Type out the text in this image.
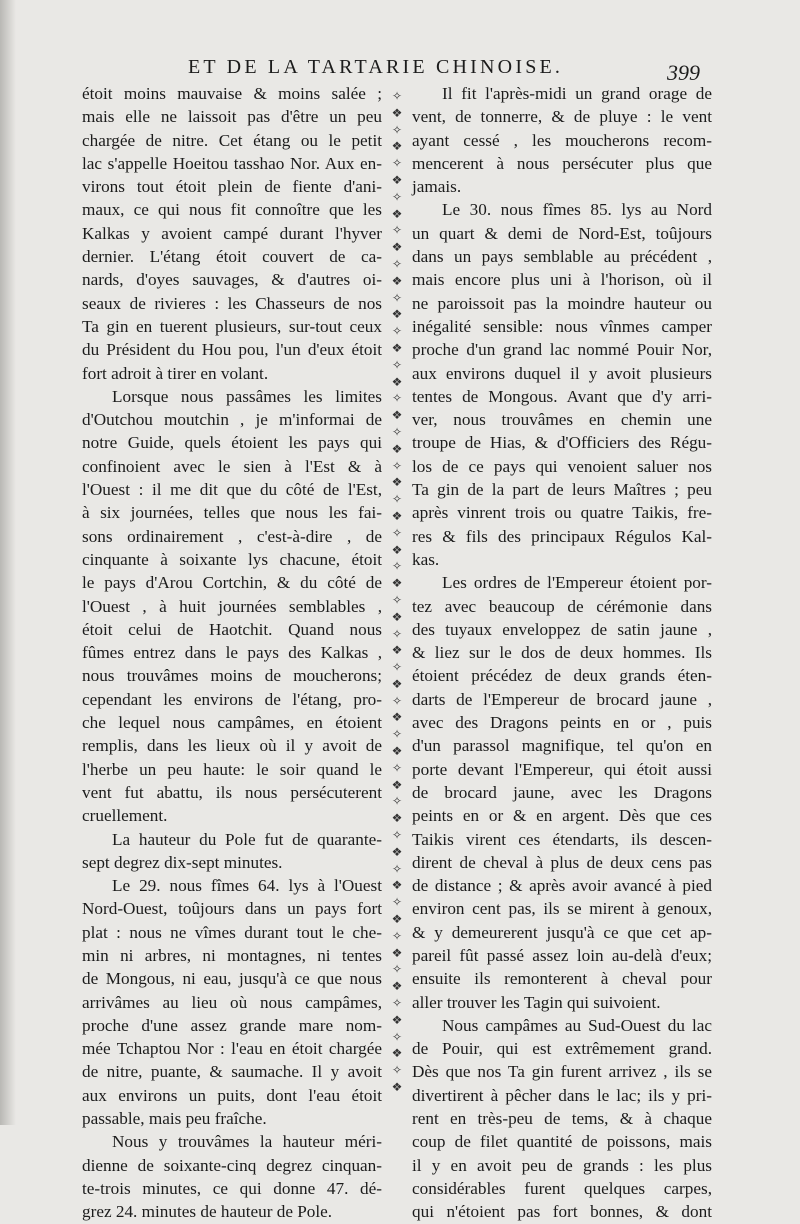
ET DE LA TARTARIE CHINOISE.	399
étoit moins mauvaise & moins salée ;
mais elle ne laissoit pas d'être un peu
chargée de nitre. Cet étang ou le petit
lac s'appelle Hoeitou tasshao Nor. Aux en-
virons tout étoit plein de fiente d'ani-
maux, ce qui nous fit connoître que les
Kalkas y avoient campé durant l'hyver
dernier. L'étang étoit couvert de ca-
nards, d'oyes sauvages, & d'autres oi-
seaux de rivieres : les Chasseurs de nos
Ta gin en tuerent plusieurs, sur-tout ceux
du Président du Hou pou, l'un d'eux étoit
fort adroit à tirer en volant.
Lorsque nous passâmes les limites
d'Outchou moutchin , je m'informai de
notre Guide, quels étoient les pays qui
confinoient avec le sien à l'Est & à
l'Ouest : il me dit que du côté de l'Est,
à six journées, telles que nous les fai-
sons ordinairement , c'est-à-dire , de
cinquante à soixante lys chacune, étoit
le pays d'Arou Cortchin, & du côté de
l'Ouest , à huit journées semblables ,
étoit celui de Haotchit. Quand nous
fûmes entrez dans le pays des Kalkas ,
nous trouvâmes moins de moucherons;
cependant les environs de l'étang, pro-
che lequel nous campâmes, en étoient
remplis, dans les lieux où il y avoit de
l'herbe un peu haute: le soir quand le
vent fut abattu, ils nous persécuterent
cruellement.
La hauteur du Pole fut de quarante-
sept degrez dix-sept minutes.
Le 29. nous fîmes 64. lys à l'Ouest
Nord-Ouest, toûjours dans un pays fort
plat : nous ne vîmes durant tout le che-
min ni arbres, ni montagnes, ni tentes
de Mongous, ni eau, jusqu'à ce que nous
arrivâmes au lieu où nous campâmes,
proche d'une assez grande mare nom-
mée Tchaptou Nor : l'eau en étoit chargée
de nitre, puante, & saumache. Il y avoit
aux environs un puits, dont l'eau étoit
passable, mais peu fraîche.
Nous y trouvâmes la hauteur méri-
dienne de soixante-cinq degrez cinquan-
te-trois minutes, ce qui donne 47. dé-
grez 24. minutes de hauteur de Pole.
✧
❖
✧
❖
✧
❖
✧
❖
✧
❖
✧
❖
✧
❖
✧
❖
✧
❖
✧
❖
✧
❖
✧
❖
✧
❖
✧
❖
✧
❖
✧
❖
✧
❖
✧
❖
✧
❖
✧
❖
✧
❖
✧
❖
✧
❖
✧
❖
✧
❖
✧
❖
✧
❖
✧
❖
✧
❖
✧
❖

Il fit l'après-midi un grand orage de
vent, de tonnerre, & de pluye : le vent
ayant cessé , les moucherons recom-
mencerent à nous persécuter plus que
jamais.
Le 30. nous fîmes 85. lys au Nord
un quart & demi de Nord-Est, toûjours
dans un pays semblable au précédent ,
mais encore plus uni à l'horison, où il
ne paroissoit pas la moindre hauteur ou
inégalité sensible: nous vînmes camper
proche d'un grand lac nommé Pouir Nor,
aux environs duquel il y avoit plusieurs
tentes de Mongous. Avant que d'y arri-
ver, nous trouvâmes en chemin une
troupe de Hias, & d'Officiers des Régu-
los de ce pays qui venoient saluer nos
Ta gin de la part de leurs Maîtres ; peu
après vinrent trois ou quatre Taikis, fre-
res & fils des principaux Régulos Kal-
kas.
Les ordres de l'Empereur étoient por-
tez avec beaucoup de cérémonie dans
des tuyaux enveloppez de satin jaune ,
& liez sur le dos de deux hommes. Ils
étoient précédez de deux grands éten-
darts de l'Empereur de brocard jaune ,
avec des Dragons peints en or , puis
d'un parassol magnifique, tel qu'on en
porte devant l'Empereur, qui étoit aussi
de brocard jaune, avec les Dragons
peints en or & en argent. Dès que ces
Taikis virent ces étendarts, ils descen-
dirent de cheval à plus de deux cens pas
de distance ; & après avoir avancé à pied
environ cent pas, ils se mirent à genoux,
& y demeurerent jusqu'à ce que cet ap-
pareil fût passé assez loin au-delà d'eux;
ensuite ils remonterent à cheval pour
aller trouver les Tagin qui suivoient.
Nous campâmes au Sud-Ouest du lac
de Pouir, qui est extrêmement grand.
Dès que nos Ta gin furent arrivez , ils se
divertirent à pêcher dans le lac; ils y pri-
rent en très-peu de tems, & à chaque
coup de filet quantité de poissons, mais
il y en avoit peu de grands : les plus
considérables furent quelques carpes,
qui n'étoient pas fort bonnes, & dont
